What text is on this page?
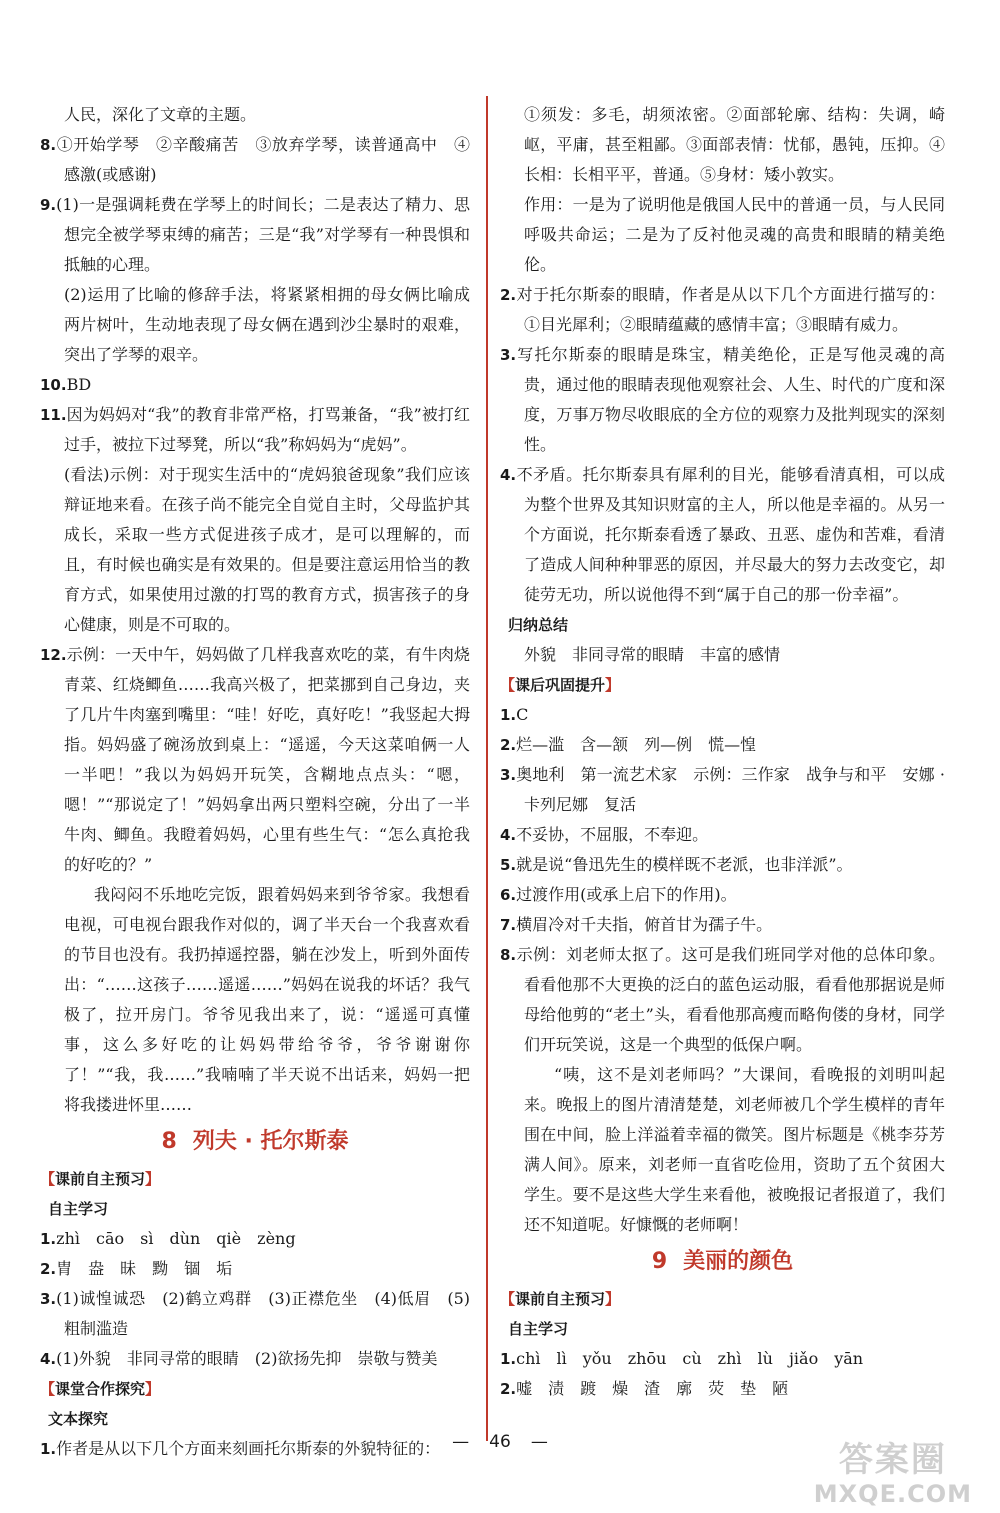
人民，深化了文章的主题。

8.①开始学琴　②辛酸痛苦　③放弃学琴，读普通高中　④感激(或感谢)

9.(1)一是强调耗费在学琴上的时间长；二是表达了精力、思想完全被学琴束缚的痛苦；三是“我”对学琴有一种畏惧和抵触的心理。

(2)运用了比喻的修辞手法，将紧紧相拥的母女俩比喻成两片树叶，生动地表现了母女俩在遇到沙尘暴时的艰难，突出了学琴的艰辛。

10.BD

11.因为妈妈对“我”的教育非常严格，打骂兼备，“我”被打红过手，被拉下过琴凳，所以“我”称妈妈为“虎妈”。

(看法)示例：对于现实生活中的“虎妈狼爸现象”我们应该辩证地来看。在孩子尚不能完全自觉自主时，父母监护其成长，采取一些方式促进孩子成才，是可以理解的，而且，有时候也确实是有效果的。但是要注意运用恰当的教育方式，如果使用过激的打骂的教育方式，损害孩子的身心健康，则是不可取的。

12.示例：一天中午，妈妈做了几样我喜欢吃的菜，有牛肉烧青菜、红烧鲫鱼……我高兴极了，把菜挪到自己身边，夹了几片牛肉塞到嘴里：“哇！好吃，真好吃！”我竖起大拇指。妈妈盛了碗汤放到桌上：“遥遥，今天这菜咱俩一人一半吧！”我以为妈妈开玩笑，含糊地点点头：“嗯，嗯！”“那说定了！”妈妈拿出两只塑料空碗，分出了一半牛肉、鲫鱼。我瞪着妈妈，心里有些生气：“怎么真抢我的好吃的？”

我闷闷不乐地吃完饭，跟着妈妈来到爷爷家。我想看电视，可电视台跟我作对似的，调了半天台一个我喜欢看的节目也没有。我扔掉遥控器，躺在沙发上，听到外面传出：“……这孩子……遥遥……”妈妈在说我的坏话？我气极了，拉开房门。爷爷见我出来了，说：“遥遥可真懂事，这么多好吃的让妈妈带给爷爷，爷爷谢谢你了！”“我，我……”我喃喃了半天说不出话来，妈妈一把将我搂进怀里……

8 列夫 · 托尔斯泰
【课前自主预习】
自主学习

1.zhì　cāo　sì　dùn　qiè　zèng

2.胄　盎　昧　黝　锢　垢

3.(1)诚惶诚恐　(2)鹤立鸡群　(3)正襟危坐　(4)低眉　(5)粗制滥造

4.(1)外貌　非同寻常的眼睛　(2)欲扬先抑　崇敬与赞美

【课堂合作探究】
文本探究

1.作者是从以下几个方面来刻画托尔斯泰的外貌特征的：

①须发：多毛，胡须浓密。②面部轮廓、结构：失调，崎岖，平庸，甚至粗鄙。③面部表情：忧郁，愚钝，压抑。④长相：长相平平，普通。⑤身材：矮小敦实。

作用：一是为了说明他是俄国人民中的普通一员，与人民同呼吸共命运；二是为了反衬他灵魂的高贵和眼睛的精美绝伦。

2.对于托尔斯泰的眼睛，作者是从以下几个方面进行描写的：①目光犀利；②眼睛蕴藏的感情丰富；③眼睛有威力。

3.写托尔斯泰的眼睛是珠宝，精美绝伦，正是写他灵魂的高贵，通过他的眼睛表现他观察社会、人生、时代的广度和深度，万事万物尽收眼底的全方位的观察力及批判现实的深刻性。

4.不矛盾。托尔斯泰具有犀利的目光，能够看清真相，可以成为整个世界及其知识财富的主人，所以他是幸福的。从另一个方面说，托尔斯泰看透了暴政、丑恶、虚伪和苦难，看清了造成人间种种罪恶的原因，并尽最大的努力去改变它，却徒劳无功，所以说他得不到“属于自己的那一份幸福”。

归纳总结

外貌　非同寻常的眼睛　丰富的感情

【课后巩固提升】

1.C

2.烂—滥　含—颔　列—例　慌—惶

3.奥地利　第一流艺术家　示例：三作家　战争与和平　安娜 · 卡列尼娜　复活

4.不妥协，不屈服，不奉迎。

5.就是说“鲁迅先生的模样既不老派，也非洋派”。

6.过渡作用(或承上启下的作用)。

7.横眉冷对千夫指，俯首甘为孺子牛。

8.示例：刘老师太抠了。这可是我们班同学对他的总体印象。看看他那不大更换的泛白的蓝色运动服，看看他那据说是师母给他剪的“老土”头，看看他那高瘦而略佝偻的身材，同学们开玩笑说，这是一个典型的低保户啊。

“咦，这不是刘老师吗？”大课间，看晚报的刘明叫起来。晚报上的图片清清楚楚，刘老师被几个学生模样的青年围在中间，脸上洋溢着幸福的微笑。图片标题是《桃李芬芳满人间》。原来，刘老师一直省吃俭用，资助了五个贫困大学生。要不是这些大学生来看他，被晚报记者报道了，我们还不知道呢。好慷慨的老师啊！

9 美丽的颜色
【课前自主预习】
自主学习

1.chì　lì　yǒu　zhōu　cù　zhì　lù　jiǎo　yān

2.嘘　渍　踱　燥　渣　廓　荧　垫　陋

— 46 —	答案圈
MXQE.COM
